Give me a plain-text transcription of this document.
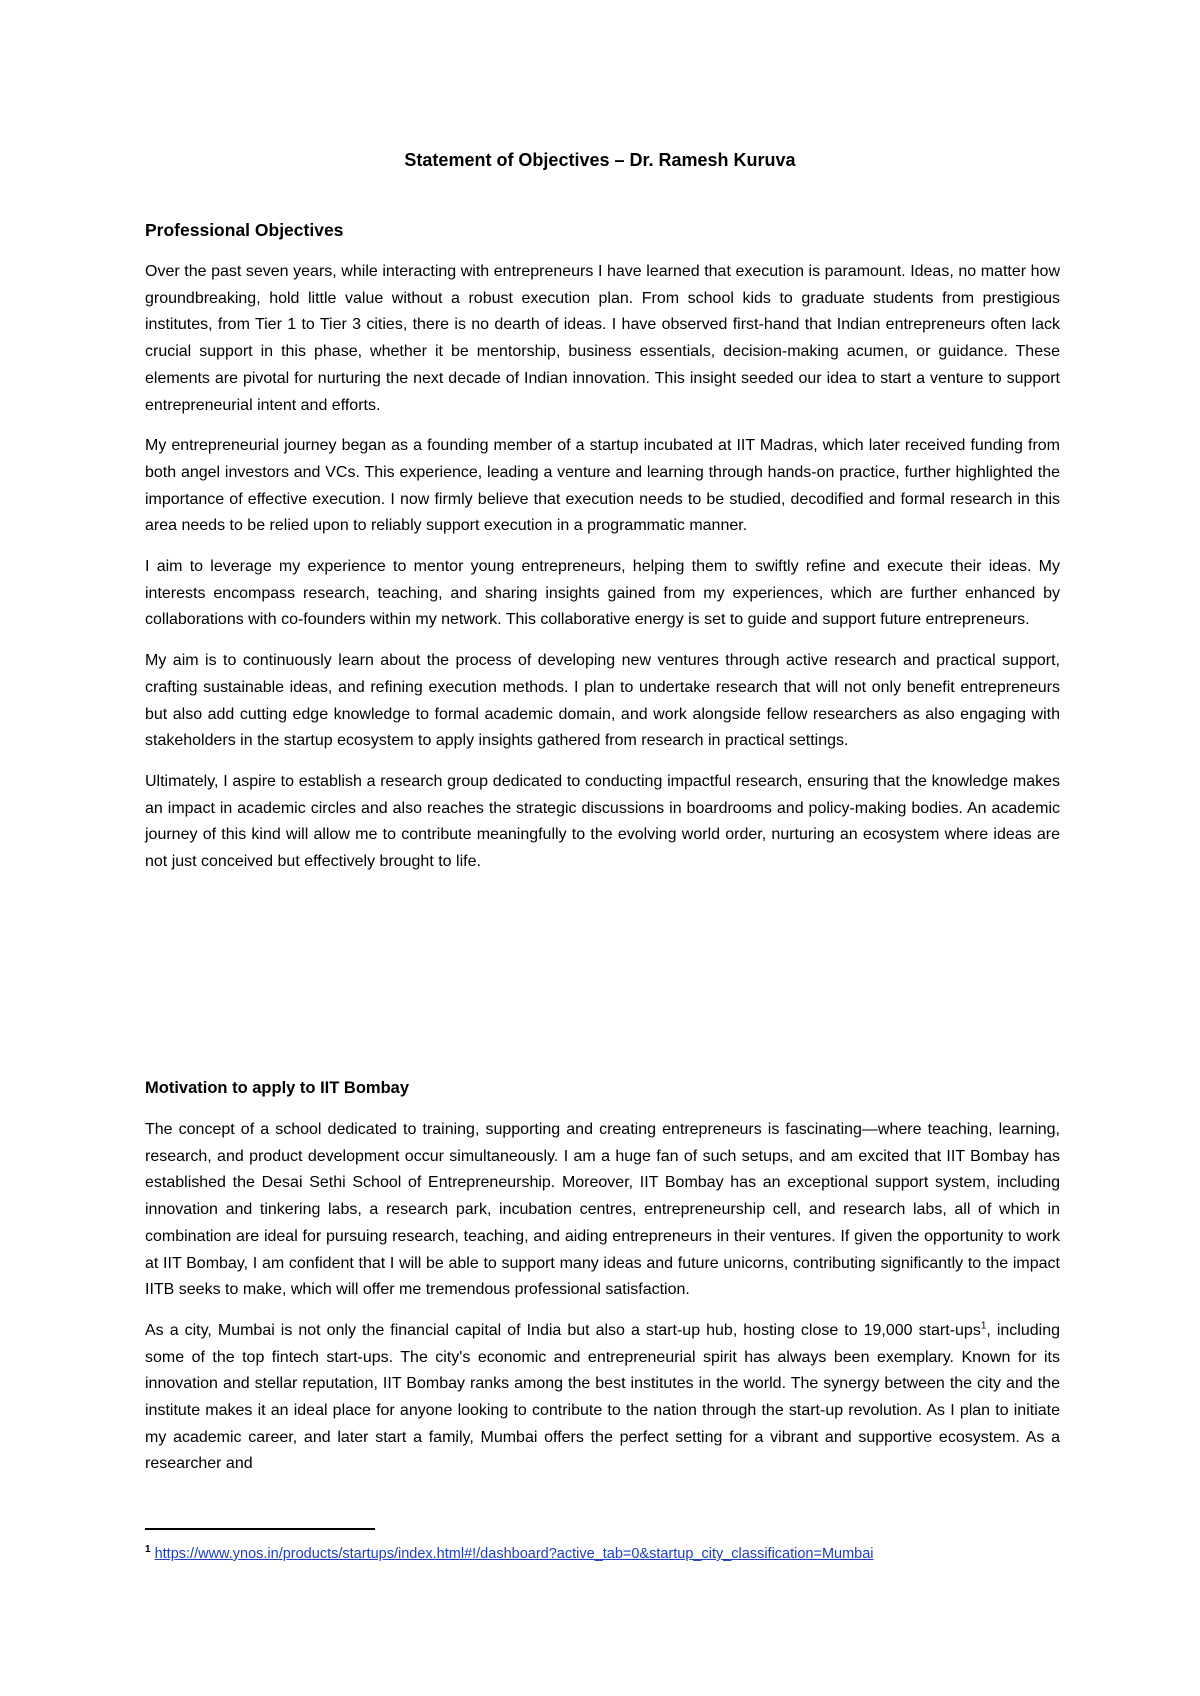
Statement of Objectives – Dr. Ramesh Kuruva
Professional Objectives

Over the past seven years, while interacting with entrepreneurs I have learned that execution is paramount. Ideas, no matter how groundbreaking, hold little value without a robust execution plan. From school kids to graduate students from prestigious institutes, from Tier 1 to Tier 3 cities, there is no dearth of ideas. I have observed first-hand that Indian entrepreneurs often lack crucial support in this phase, whether it be mentorship, business essentials, decision-making acumen, or guidance. These elements are pivotal for nurturing the next decade of Indian innovation. This insight seeded our idea to start a venture to support entrepreneurial intent and efforts.

My entrepreneurial journey began as a founding member of a startup incubated at IIT Madras, which later received funding from both angel investors and VCs. This experience, leading a venture and learning through hands-on practice, further highlighted the importance of effective execution. I now firmly believe that execution needs to be studied, decodified and formal research in this area needs to be relied upon to reliably support execution in a programmatic manner.

I aim to leverage my experience to mentor young entrepreneurs, helping them to swiftly refine and execute their ideas. My interests encompass research, teaching, and sharing insights gained from my experiences, which are further enhanced by collaborations with co-founders within my network. This collaborative energy is set to guide and support future entrepreneurs.

My aim is to continuously learn about the process of developing new ventures through active research and practical support, crafting sustainable ideas, and refining execution methods. I plan to undertake research that will not only benefit entrepreneurs but also add cutting edge knowledge to formal academic domain, and work alongside fellow researchers as also engaging with stakeholders in the startup ecosystem to apply insights gathered from research in practical settings.

Ultimately, I aspire to establish a research group dedicated to conducting impactful research, ensuring that the knowledge makes an impact in academic circles and also reaches the strategic discussions in boardrooms and policy-making bodies. An academic journey of this kind will allow me to contribute meaningfully to the evolving world order, nurturing an ecosystem where ideas are not just conceived but effectively brought to life.

Motivation to apply to IIT Bombay

The concept of a school dedicated to training, supporting and creating entrepreneurs is fascinating—where teaching, learning, research, and product development occur simultaneously. I am a huge fan of such setups, and am excited that IIT Bombay has established the Desai Sethi School of Entrepreneurship. Moreover, IIT Bombay has an exceptional support system, including innovation and tinkering labs, a research park, incubation centres, entrepreneurship cell, and research labs, all of which in combination are ideal for pursuing research, teaching, and aiding entrepreneurs in their ventures. If given the opportunity to work at IIT Bombay, I am confident that I will be able to support many ideas and future unicorns, contributing significantly to the impact IITB seeks to make, which will offer me tremendous professional satisfaction.

As a city, Mumbai is not only the financial capital of India but also a start-up hub, hosting close to 19,000 start-ups$^1$, including some of the top fintech start-ups. The city's economic and entrepreneurial spirit has always been exemplary. Known for its innovation and stellar reputation, IIT Bombay ranks among the best institutes in the world. The synergy between the city and the institute makes it an ideal place for anyone looking to contribute to the nation through the start-up revolution. As I plan to initiate my academic career, and later start a family, Mumbai offers the perfect setting for a vibrant and supportive ecosystem. As a researcher and

$^1$ https://www.ynos.in/products/startups/index.html#!/dashboard?active_tab=0&startup_city_classification=Mumbai
